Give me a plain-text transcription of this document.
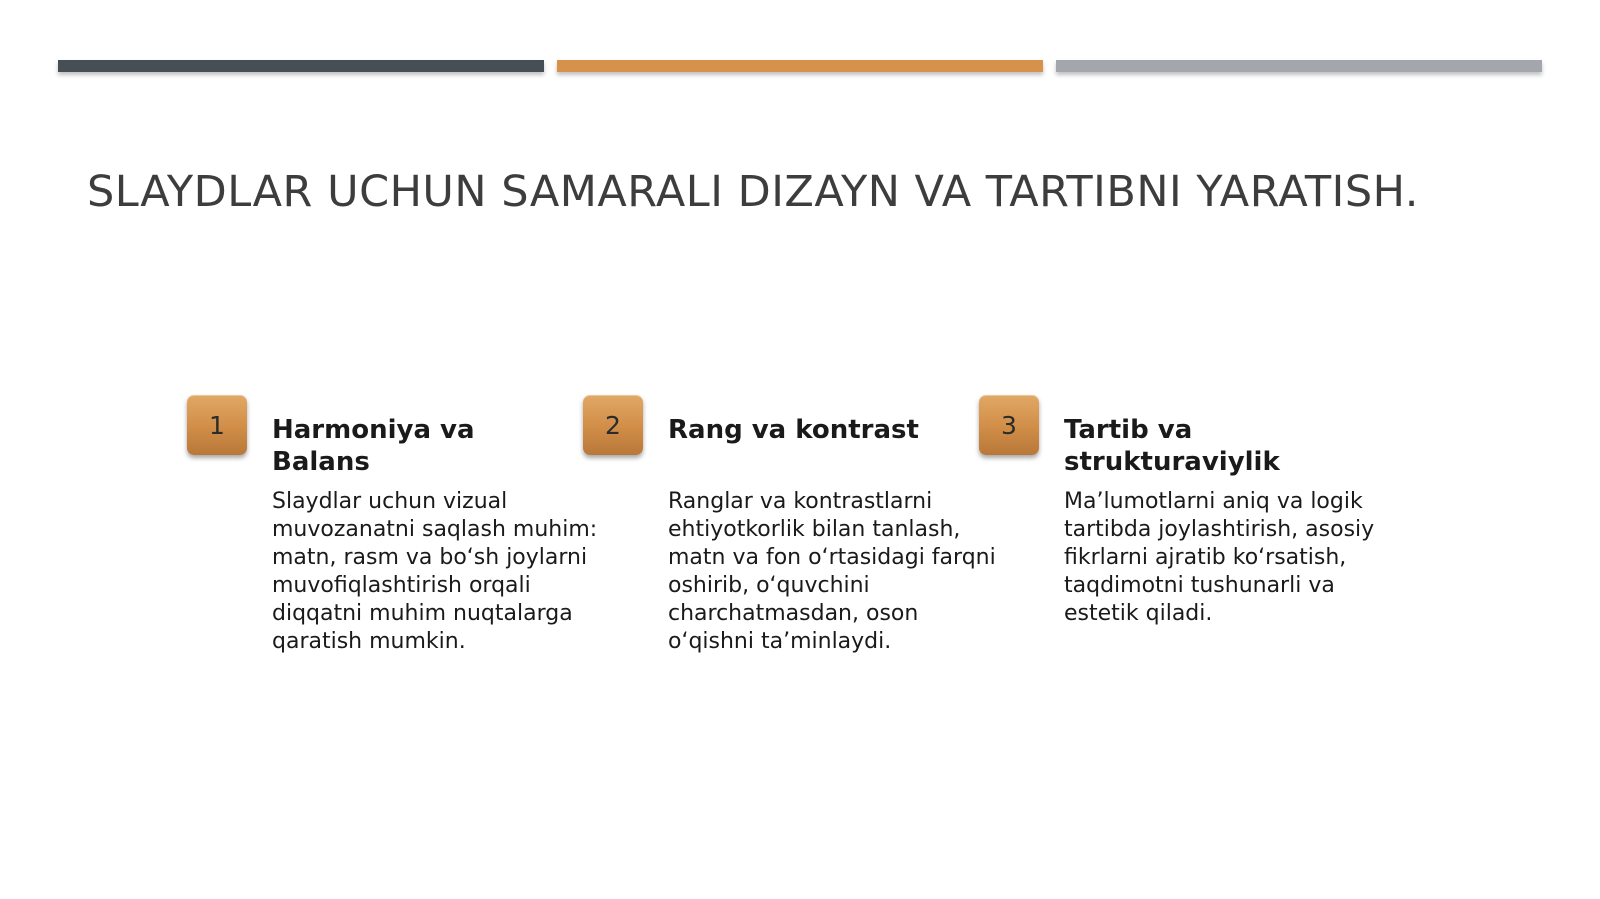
SLAYDLAR UCHUN SAMARALI DIZAYN VA TARTIBNI YARATISH.
1	Harmoniya va Balans

Slaydlar uchun vizual muvozanatni saqlash muhim: matn, rasm va bo‘sh joylarni muvofiqlashtirish orqali diqqatni muhim nuqtalarga qaratish mumkin.

2	Rang va kontrast

Ranglar va kontrastlarni ehtiyotkorlik bilan tanlash, matn va fon o‘rtasidagi farqni oshirib, o‘quvchini charchatmasdan, oson o‘qishni ta’minlaydi.

3	Tartib va strukturaviylik

Ma’lumotlarni aniq va logik tartibda joylashtirish, asosiy fikrlarni ajratib ko‘rsatish, taqdimotni tushunarli va estetik qiladi.
